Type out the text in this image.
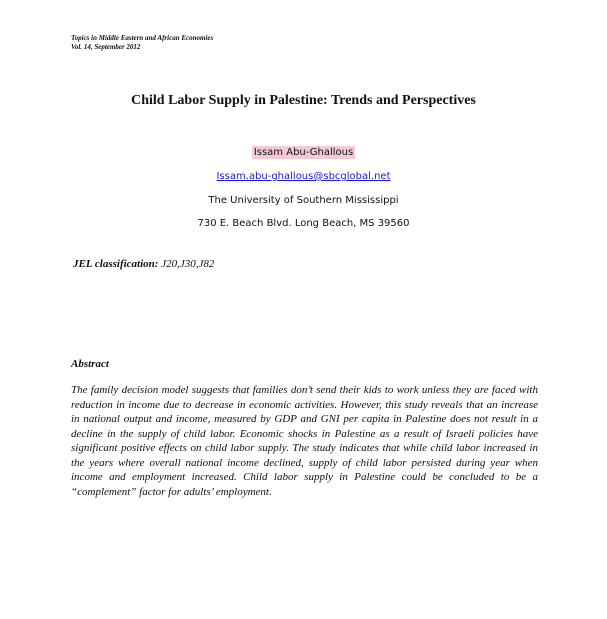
Topics in Middle Eastern and African Economies
Vol. 14, September 2012
Child Labor Supply in Palestine: Trends and Perspectives
Issam Abu-Ghallous
Issam.abu-ghallous@sbcglobal.net
The University of Southern Mississippi
730 E. Beach Blvd. Long Beach, MS 39560
JEL classification: J20,J30,J82
Abstract
The family decision model suggests that families don’t send their kids to work unless they are faced with reduction in income due to decrease in economic activities. However, this study reveals that an increase in national output and income, measured by GDP and GNI per capita in Palestine does not result in a decline in the supply of child labor. Economic shocks in Palestine as a result of Israeli policies have significant positive effects on child labor supply. The study indicates that while child labor increased in the years where overall national income declined, supply of child labor persisted during year when income and employment increased. Child labor supply in Palestine could be concluded to be a “complement” factor for adults’ employment.
